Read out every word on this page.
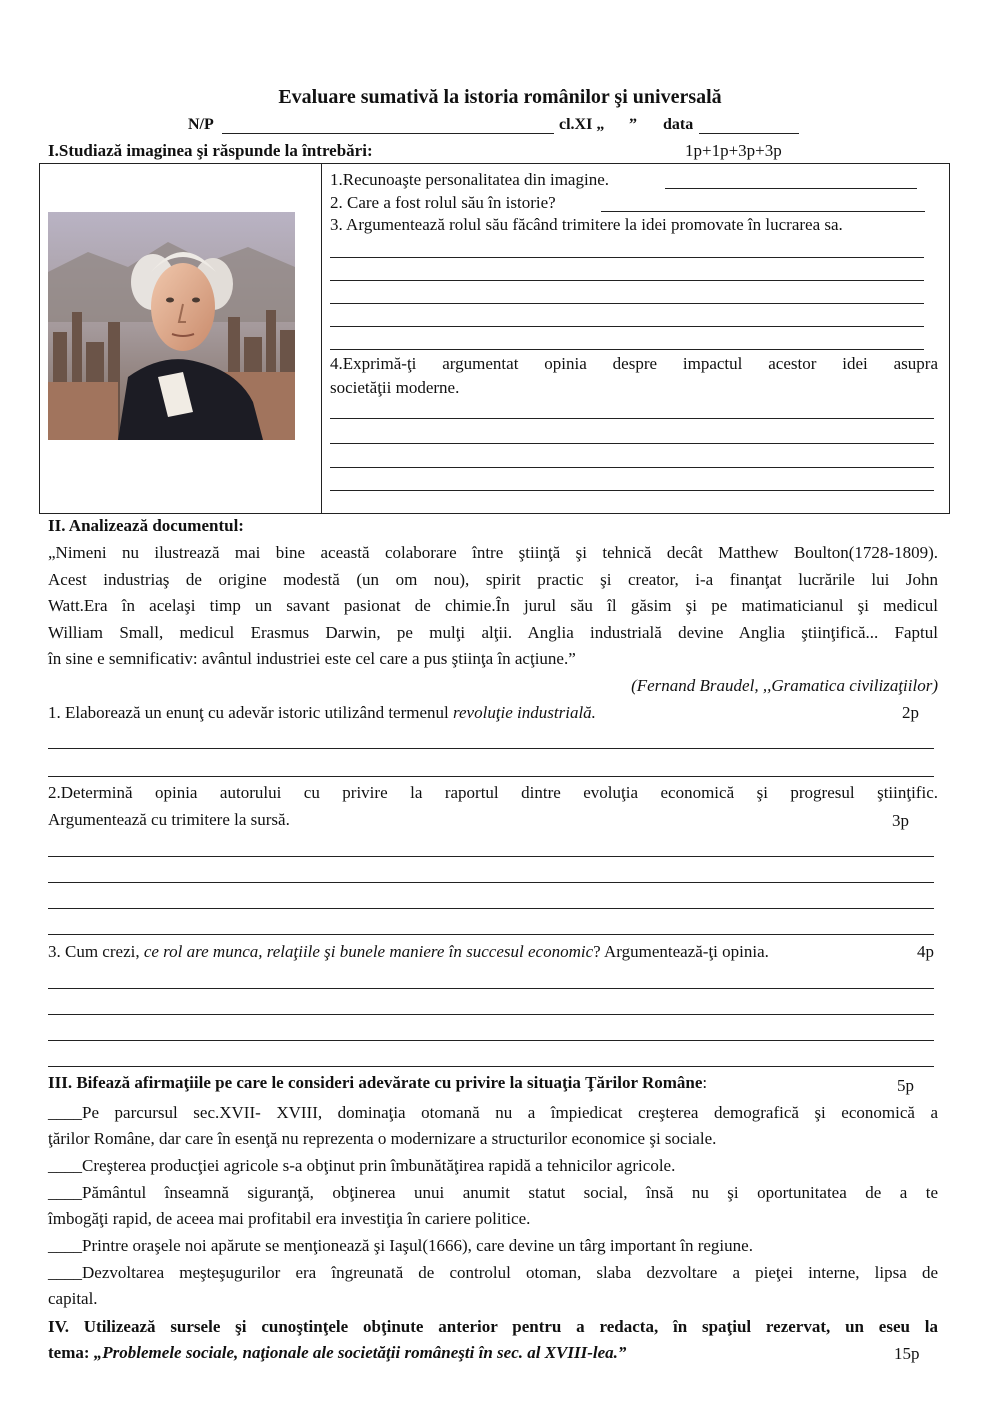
Evaluare sumativă la istoria românilor şi universală
N/P	cl.XI „ ” data
I.Studiază imaginea şi răspunde la întrebări:	1p+1p+3p+3p
1.Recunoaşte personalitatea din imagine.
2. Care a fost rolul său în istorie?
3. Argumentează rolul său făcând trimitere la idei promovate în lucrarea sa.
4.Exprimă-ţi argumentat opinia despre impactul acestor idei asupra
societăţii moderne.
II. Analizează documentul:
„Nimeni nu ilustrează mai bine această colaborare între ştiinţă şi tehnică decât Matthew Boulton(1728-1809).
Acest industriaş de origine modestă (un om nou), spirit practic şi creator, i-a finanţat lucrările lui John
Watt.Era în acelaşi timp un savant pasionat de chimie.În jurul său îl găsim şi pe matimaticianul şi medicul
William Small, medicul Erasmus Darwin, pe mulţi alţii. Anglia industrială devine Anglia ştiinţifică... Faptul
în sine e semnificativ: avântul industriei este cel care a pus ştiinţa în acţiune.”
(Fernand Braudel, ,,Gramatica civilizaţiilor)
1. Elaborează un enunţ cu adevăr istoric utilizând termenul revoluţie industrială.	2p
2.Determină opinia autorului cu privire la raportul dintre evoluţia economică şi progresul ştiinţific.
Argumentează cu trimitere la sursă.	3p
3. Cum crezi, ce rol are munca, relaţiile şi bunele maniere în succesul economic? Argumentează-ţi opinia.	4p
III. Bifează afirmaţiile pe care le consideri adevărate cu privire la situaţia Ţărilor Române:	5p
____Pe parcursul sec.XVII- XVIII, dominaţia otomană nu a împiedicat creşterea demografică şi economică a
ţărilor Române, dar care în esenţă nu reprezenta o modernizare a structurilor economice şi sociale.
____Creşterea producţiei agricole s-a obţinut prin îmbunătăţirea rapidă a tehnicilor agricole.
____Pământul înseamnă siguranţă, obţinerea unui anumit statut social, însă nu şi oportunitatea de a te
îmbogăţi rapid, de aceea mai profitabil era investiţia în cariere politice.
____Printre oraşele noi apărute se menţionează şi Iaşul(1666), care devine un târg important în regiune.
____Dezvoltarea meşteşugurilor era îngreunată de controlul otoman, slaba dezvoltare a pieţei interne, lipsa de
capital.
IV. Utilizează sursele şi cunoştinţele obţinute anterior pentru a redacta, în spaţiul rezervat, un eseu la
tema: „Problemele sociale, naţionale ale societăţii româneşti în sec. al XVIII-lea.”	15p
